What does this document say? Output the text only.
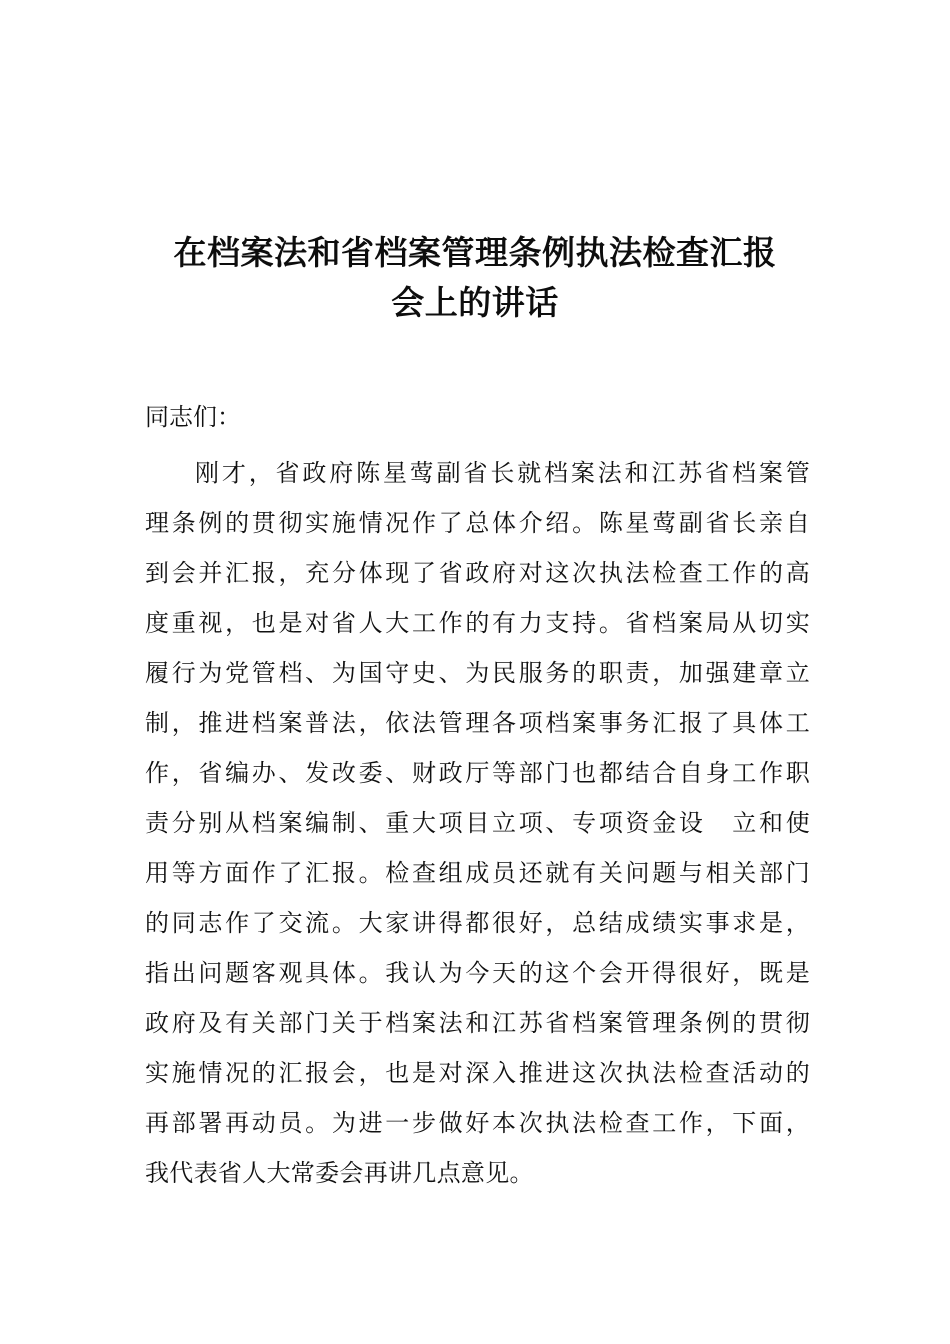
在档案法和省档案管理条例执法检查汇报
会上的讲话
同志们：
刚才，省政府陈星莺副省长就档案法和江苏省档案管
理条例的贯彻实施情况作了总体介绍。陈星莺副省长亲自
到会并汇报，充分体现了省政府对这次执法检查工作的高
度重视，也是对省人大工作的有力支持。省档案局从切实
履行为党管档、为国守史、为民服务的职责，加强建章立
制，推进档案普法，依法管理各项档案事务汇报了具体工
作，省编办、发改委、财政厅等部门也都结合自身工作职
责分别从档案编制、重大项目立项、专项资金设　立和使
用等方面作了汇报。检查组成员还就有关问题与相关部门
的同志作了交流。大家讲得都很好，总结成绩实事求是，
指出问题客观具体。我认为今天的这个会开得很好，既是
政府及有关部门关于档案法和江苏省档案管理条例的贯彻
实施情况的汇报会，也是对深入推进这次执法检查活动的
再部署再动员。为进一步做好本次执法检查工作，下面，
我代表省人大常委会再讲几点意见。
